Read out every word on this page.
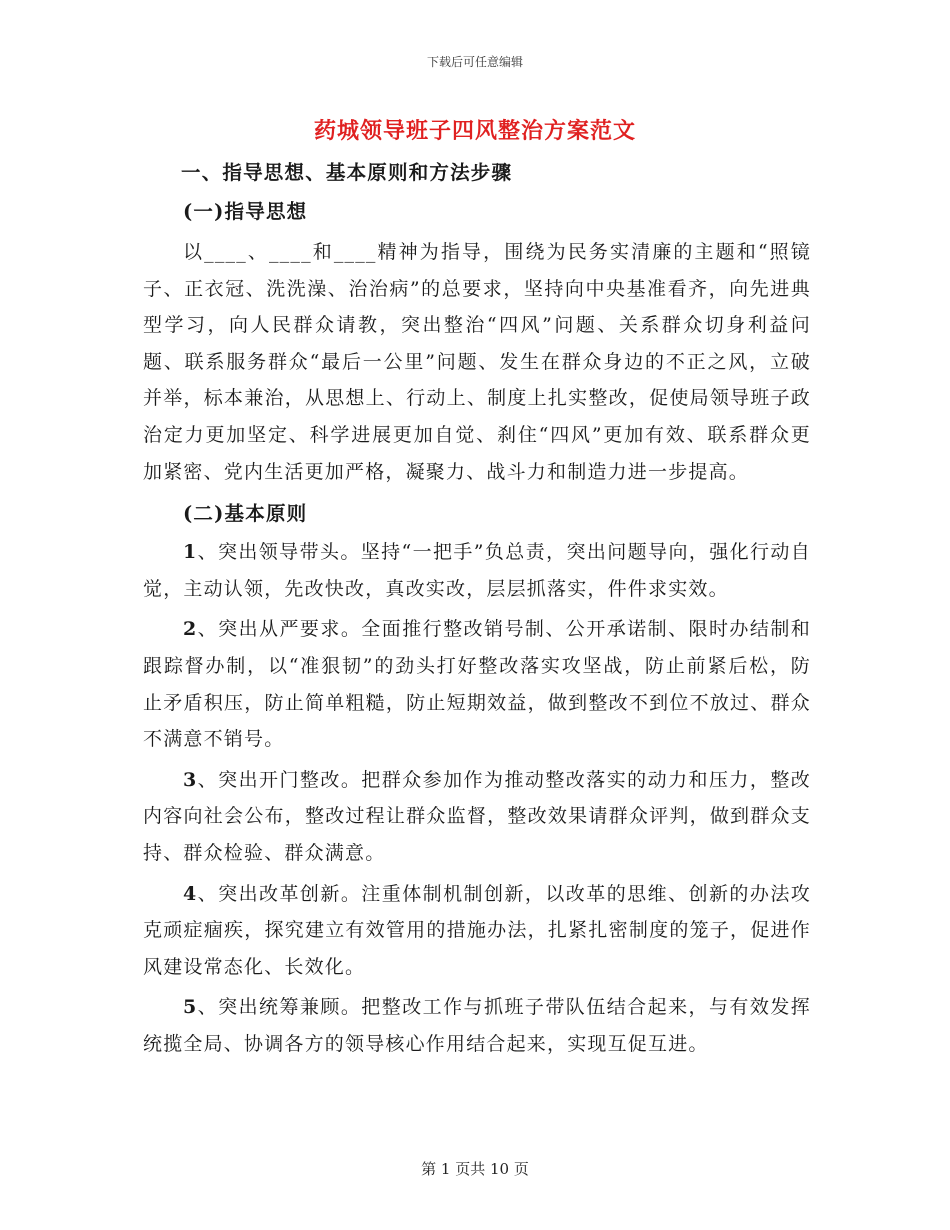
下载后可任意编辑
药城领导班子四风整治方案范文
一、指导思想、基本原则和方法步骤
(一)指导思想

以____、____和____精神为指导，围绕为民务实清廉的主题和“照镜子、正衣冠、洗洗澡、治治病”的总要求，坚持向中央基准看齐，向先进典型学习，向人民群众请教，突出整治“四风”问题、关系群众切身利益问题、联系服务群众“最后一公里”问题、发生在群众身边的不正之风，立破并举，标本兼治，从思想上、行动上、制度上扎实整改，促使局领导班子政治定力更加坚定、科学进展更加自觉、刹住“四风”更加有效、联系群众更加紧密、党内生活更加严格，凝聚力、战斗力和制造力进一步提高。

(二)基本原则

1、突出领导带头。坚持“一把手”负总责，突出问题导向，强化行动自觉，主动认领，先改快改，真改实改，层层抓落实，件件求实效。

2、突出从严要求。全面推行整改销号制、公开承诺制、限时办结制和跟踪督办制，以“准狠韧”的劲头打好整改落实攻坚战，防止前紧后松，防止矛盾积压，防止简单粗糙，防止短期效益，做到整改不到位不放过、群众不满意不销号。

3、突出开门整改。把群众参加作为推动整改落实的动力和压力，整改内容向社会公布，整改过程让群众监督，整改效果请群众评判，做到群众支持、群众检验、群众满意。

4、突出改革创新。注重体制机制创新，以改革的思维、创新的办法攻克顽症痼疾，探究建立有效管用的措施办法，扎紧扎密制度的笼子，促进作风建设常态化、长效化。

5、突出统筹兼顾。把整改工作与抓班子带队伍结合起来，与有效发挥统揽全局、协调各方的领导核心作用结合起来，实现互促互进。

第 1 页共 10 页
